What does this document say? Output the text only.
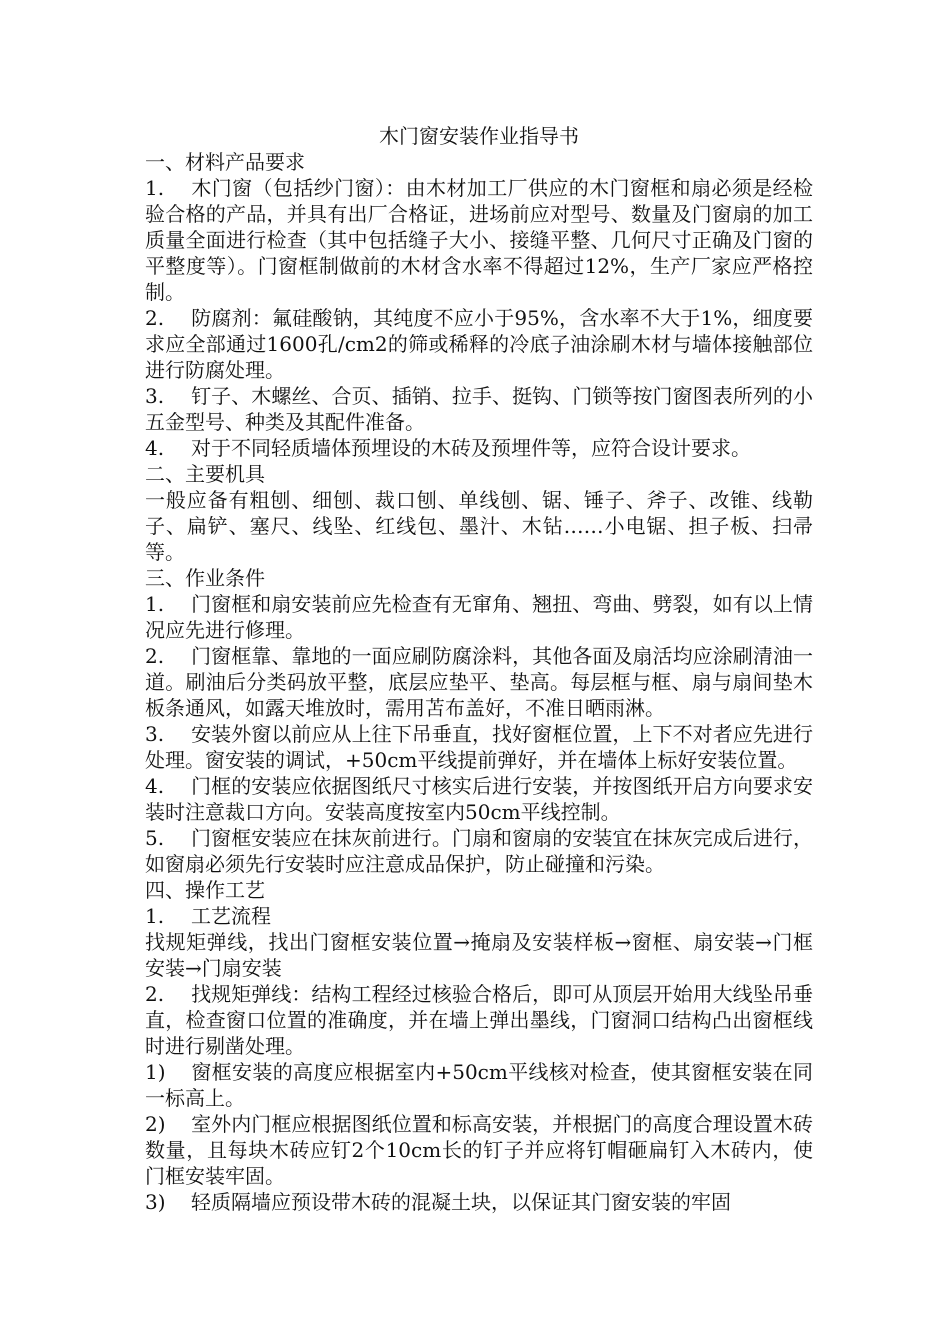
木门窗安装作业指导书

一、材料产品要求

1. 木门窗（包括纱门窗）：由木材加工厂供应的木门窗框和扇必须是经检验合格的产品，并具有出厂合格证，进场前应对型号、数量及门窗扇的加工质量全面进行检查（其中包括缝子大小、接缝平整、几何尺寸正确及门窗的平整度等）。门窗框制做前的木材含水率不得超过12%，生产厂家应严格控制。

2. 防腐剂：氟硅酸钠，其纯度不应小于95%，含水率不大于1%，细度要求应全部通过1600孔/cm2的筛或稀释的冷底子油涂刷木材与墙体接触部位进行防腐处理。

3. 钉子、木螺丝、合页、插销、拉手、挺钩、门锁等按门窗图表所列的小五金型号、种类及其配件准备。

4. 对于不同轻质墙体预埋设的木砖及预埋件等，应符合设计要求。

二、主要机具

一般应备有粗刨、细刨、裁口刨、单线刨、锯、锤子、斧子、改锥、线勒子、扁铲、塞尺、线坠、红线包、墨汁、木钻……小电锯、担子板、扫帚等。

三、作业条件

1. 门窗框和扇安装前应先检查有无窜角、翘扭、弯曲、劈裂，如有以上情况应先进行修理。

2. 门窗框靠、靠地的一面应刷防腐涂料，其他各面及扇活均应涂刷清油一道。刷油后分类码放平整，底层应垫平、垫高。每层框与框、扇与扇间垫木板条通风，如露天堆放时，需用苫布盖好，不准日晒雨淋。

3. 安装外窗以前应从上往下吊垂直，找好窗框位置，上下不对者应先进行处理。窗安装的调试，+50cm平线提前弹好，并在墙体上标好安装位置。

4. 门框的安装应依据图纸尺寸核实后进行安装，并按图纸开启方向要求安装时注意裁口方向。安装高度按室内50cm平线控制。

5. 门窗框安装应在抹灰前进行。门扇和窗扇的安装宜在抹灰完成后进行，如窗扇必须先行安装时应注意成品保护，防止碰撞和污染。

四、操作工艺

1. 工艺流程

找规矩弹线，找出门窗框安装位置→掩扇及安装样板→窗框、扇安装→门框安装→门扇安装

2. 找规矩弹线：结构工程经过核验合格后，即可从顶层开始用大线坠吊垂直，检查窗口位置的准确度，并在墙上弹出墨线，门窗洞口结构凸出窗框线时进行剔凿处理。

1) 窗框安装的高度应根据室内+50cm平线核对检查，使其窗框安装在同一标高上。

2) 室外内门框应根据图纸位置和标高安装，并根据门的高度合理设置木砖数量，且每块木砖应钉2个10cm长的钉子并应将钉帽砸扁钉入木砖内，使门框安装牢固。

3) 轻质隔墙应预设带木砖的混凝土块，以保证其门窗安装的牢固
